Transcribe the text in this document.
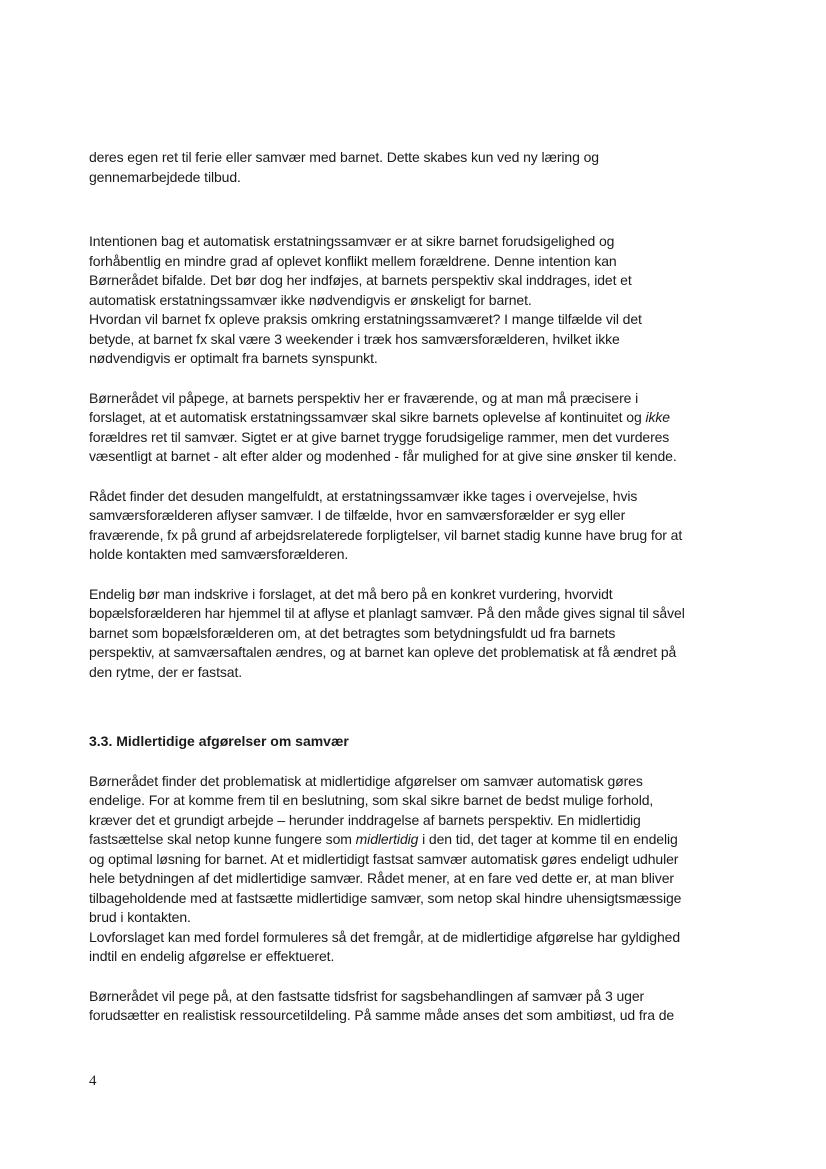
deres egen ret til ferie eller samvær med barnet. Dette skabes kun ved ny læring og
gennemarbejdede tilbud.

Intentionen bag et automatisk erstatningssamvær er at sikre barnet forudsigelighed og
forhåbentlig en mindre grad af oplevet konflikt mellem forældrene. Denne intention kan
Børnerådet bifalde. Det bør dog her indføjes, at barnets perspektiv skal inddrages, idet et
automatisk erstatningssamvær ikke nødvendigvis er ønskeligt for barnet.
Hvordan vil barnet fx opleve praksis omkring erstatningssamværet? I mange tilfælde vil det
betyde, at barnet fx skal være 3 weekender i træk hos samværsforælderen, hvilket ikke
nødvendigvis er optimalt fra barnets synspunkt.

Børnerådet vil påpege, at barnets perspektiv her er fraværende, og at man må præcisere i
forslaget, at et automatisk erstatningssamvær skal sikre barnets oplevelse af kontinuitet og ikke
forældres ret til samvær. Sigtet er at give barnet trygge forudsigelige rammer, men det vurderes
væsentligt at barnet - alt efter alder og modenhed - får mulighed for at give sine ønsker til kende.

Rådet finder det desuden mangelfuldt, at erstatningssamvær ikke tages i overvejelse, hvis
samværsforælderen aflyser samvær. I de tilfælde, hvor en samværsforælder er syg eller
fraværende, fx på grund af arbejdsrelaterede forpligtelser, vil barnet stadig kunne have brug for at
holde kontakten med samværsforælderen.

Endelig bør man indskrive i forslaget, at det må bero på en konkret vurdering, hvorvidt
bopælsforælderen har hjemmel til at aflyse et planlagt samvær. På den måde gives signal til såvel
barnet som bopælsforælderen om, at det betragtes som betydningsfuldt ud fra barnets
perspektiv, at samværsaftalen ændres, og at barnet kan opleve det problematisk at få ændret på
den rytme, der er fastsat.

3.3. Midlertidige afgørelser om samvær

Børnerådet finder det problematisk at midlertidige afgørelser om samvær automatisk gøres
endelige. For at komme frem til en beslutning, som skal sikre barnet de bedst mulige forhold,
kræver det et grundigt arbejde – herunder inddragelse af barnets perspektiv. En midlertidig
fastsættelse skal netop kunne fungere som midlertidig i den tid, det tager at komme til en endelig
og optimal løsning for barnet. At et midlertidigt fastsat samvær automatisk gøres endeligt udhuler
hele betydningen af det midlertidige samvær. Rådet mener, at en fare ved dette er, at man bliver
tilbageholdende med at fastsætte midlertidige samvær, som netop skal hindre uhensigtsmæssige
brud i kontakten.
Lovforslaget kan med fordel formuleres så det fremgår, at de midlertidige afgørelse har gyldighed
indtil en endelig afgørelse er effektueret.

Børnerådet vil pege på, at den fastsatte tidsfrist for sagsbehandlingen af samvær på 3 uger
forudsætter en realistisk ressourcetildeling. På samme måde anses det som ambitiøst, ud fra de

4
